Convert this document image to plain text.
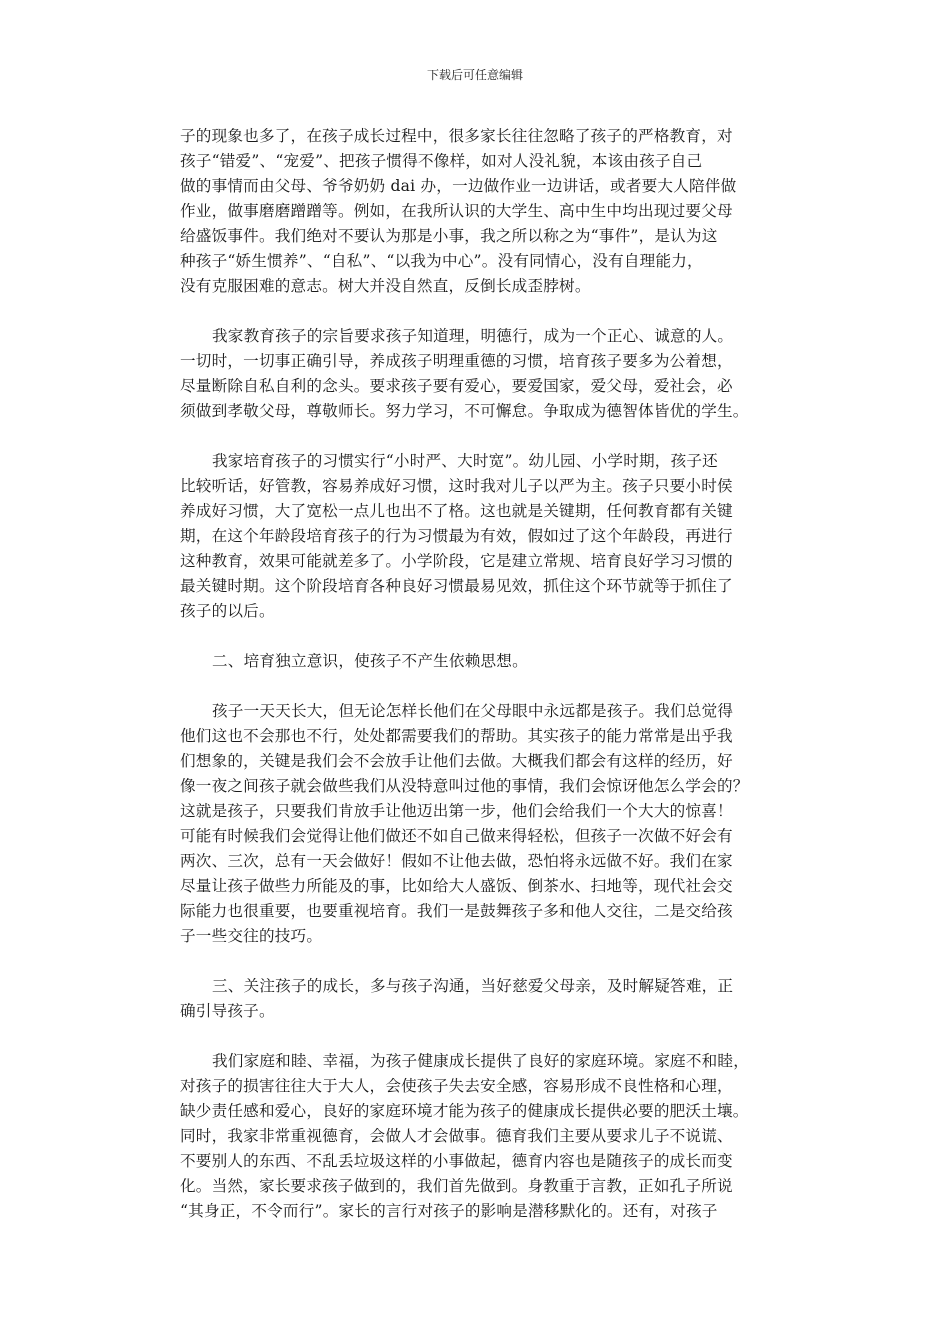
下载后可任意编辑

子的现象也多了，在孩子成长过程中，很多家长往往忽略了孩子的严格教育，对
孩子“错爱”、“宠爱”、把孩子惯得不像样，如对人没礼貌，本该由孩子自己
做的事情而由父母、爷爷奶奶 dai 办，一边做作业一边讲话，或者要大人陪伴做
作业，做事磨磨蹭蹭等。例如，在我所认识的大学生、高中生中均出现过要父母
给盛饭事件。我们绝对不要认为那是小事，我之所以称之为“事件”，是认为这
种孩子“娇生惯养”、“自私”、“以我为中心”。没有同情心，没有自理能力，
没有克服困难的意志。树大并没自然直，反倒长成歪脖树。

我家教育孩子的宗旨要求孩子知道理，明德行，成为一个正心、诚意的人。
一切时，一切事正确引导，养成孩子明理重德的习惯，培育孩子要多为公着想，
尽量断除自私自利的念头。要求孩子要有爱心，要爱国家，爱父母，爱社会，必
须做到孝敬父母，尊敬师长。努力学习，不可懈怠。争取成为德智体皆优的学生。

我家培育孩子的习惯实行“小时严、大时宽”。幼儿园、小学时期，孩子还
比较听话，好管教，容易养成好习惯，这时我对儿子以严为主。孩子只要小时侯
养成好习惯，大了宽松一点儿也出不了格。这也就是关键期，任何教育都有关键
期，在这个年龄段培育孩子的行为习惯最为有效，假如过了这个年龄段，再进行
这种教育，效果可能就差多了。小学阶段，它是建立常规、培育良好学习习惯的
最关键时期。这个阶段培育各种良好习惯最易见效，抓住这个环节就等于抓住了
孩子的以后。

二、培育独立意识，使孩子不产生依赖思想。

孩子一天天长大，但无论怎样长他们在父母眼中永远都是孩子。我们总觉得
他们这也不会那也不行，处处都需要我们的帮助。其实孩子的能力常常是出乎我
们想象的，关键是我们会不会放手让他们去做。大概我们都会有这样的经历，好
像一夜之间孩子就会做些我们从没特意叫过他的事情，我们会惊讶他怎么学会的？
这就是孩子，只要我们肯放手让他迈出第一步，他们会给我们一个大大的惊喜！
可能有时候我们会觉得让他们做还不如自己做来得轻松，但孩子一次做不好会有
两次、三次，总有一天会做好！假如不让他去做，恐怕将永远做不好。我们在家
尽量让孩子做些力所能及的事，比如给大人盛饭、倒茶水、扫地等，现代社会交
际能力也很重要，也要重视培育。我们一是鼓舞孩子多和他人交往，二是交给孩
子一些交往的技巧。

三、关注孩子的成长，多与孩子沟通，当好慈爱父母亲，及时解疑答难，正
确引导孩子。

我们家庭和睦、幸福，为孩子健康成长提供了良好的家庭环境。家庭不和睦，
对孩子的损害往往大于大人，会使孩子失去安全感，容易形成不良性格和心理，
缺少责任感和爱心，良好的家庭环境才能为孩子的健康成长提供必要的肥沃土壤。
同时，我家非常重视德育，会做人才会做事。德育我们主要从要求儿子不说谎、
不要别人的东西、不乱丢垃圾这样的小事做起，德育内容也是随孩子的成长而变
化。当然，家长要求孩子做到的，我们首先做到。身教重于言教，正如孔子所说
“其身正，不令而行”。家长的言行对孩子的影响是潜移默化的。还有，对孩子
